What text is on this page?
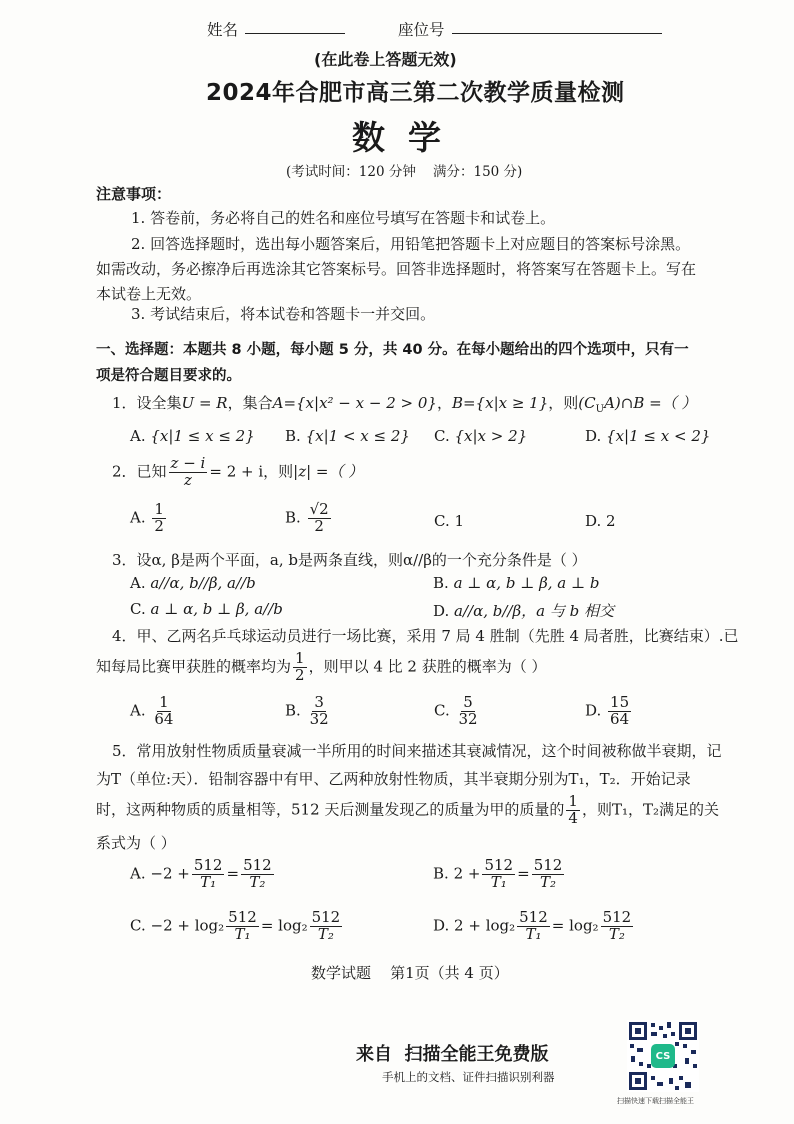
姓名	座位号
(在此卷上答题无效)
2024年合肥市高三第二次教学质量检测
数  学
(考试时间：120 分钟    满分：150 分)
注意事项：
1. 答卷前，务必将自己的姓名和座位号填写在答题卡和试卷上。
2. 回答选择题时，选出每小题答案后，用铅笔把答题卡上对应题目的答案标号涂黑。
如需改动，务必擦净后再选涂其它答案标号。回答非选择题时，将答案写在答题卡上。写在
本试卷上无效。
3. 考试结束后，将本试卷和答题卡一并交回。
一、选择题：本题共 8 小题，每小题 5 分，共 40 分。在每小题给出的四个选项中，只有一
项是符合题目要求的。
1．设全集U = R，集合A={x|x² − x − 2 > 0}，B={x|x ≥ 1}，则$(C_UA)\cap B$ =（ ）
A. {x|1 ≤ x ≤ 2} B. {x|1 < x ≤ 2} C. {x|x > 2}	D. {x|1 ≤ x < 2}
2．已知 $\frac{z - i}{z} = 2 + i$，则|z| =（ ）
A. $\frac{1}{2}$	B. $\frac{√2}{2}$	C. 1	D. 2
3．设α, β是两个平面，a, b是两条直线，则α//β的一个充分条件是（ ）
A. a//α, b//β, a//b	B. a ⊥ α, b ⊥ β, a ⊥ b
C. a ⊥ α, b ⊥ β, a//b	D. a//α, b//β，a 与 b 相交
4．甲、乙两名乒乓球运动员进行一场比赛，采用 7 局 4 胜制（先胜 4 局者胜，比赛结束）.已
知每局比赛甲获胜的概率均为 $\frac{1}{2}$ ，则甲以 4 比 2 获胜的概率为（ ）
A. $\frac{1}{64}$	B. $\frac{3}{32}$	C. $\frac{5}{32}$	D. $\frac{15}{64}$
5．常用放射性物质质量衰减一半所用的时间来描述其衰减情况，这个时间被称做半衰期，记
为T（单位:天）．铅制容器中有甲、乙两种放射性物质，其半衰期分别为T₁，T₂．开始记录
时，这两种物质的质量相等，512 天后测量发现乙的质量为甲的质量的 $\frac{1}{4}$ ，则T₁，T₂满足的关
系式为（ ）
A. $-2 + \frac{512}{\text{T₁}} = \frac{512}{\text{T₂}}$	B. $2 + \frac{512}{\text{T₁}} = \frac{512}{\text{T₂}}$
C. $-2 + \log_2 \frac{512}{\text{T₁}} = \log_2 \frac{512}{\text{T₂}}$	D. $2 + \log_2 \frac{512}{\text{T₁}} = \log_2 \frac{512}{\text{T₂}}$
数学试题    第1页（共 4 页）
来自  扫描全能王免费版
手机上的文档、证件扫描识别利器
CS
扫描快速下载扫描全能王
